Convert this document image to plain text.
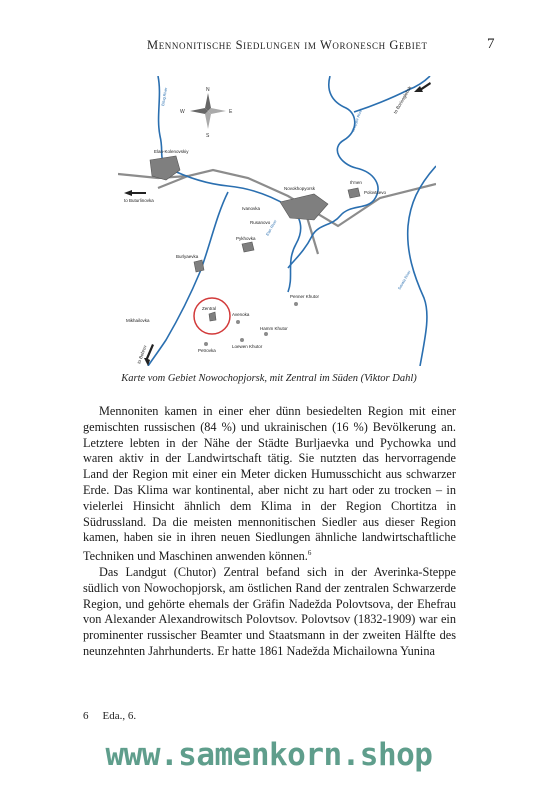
Mennonitische Siedlungen im Woronesch Gebiet	7
N
S
E
W
Elan-Kolenovskiy
to Buturlinovka
Novokhopyorsk
Il'men
Polovtsevo
Ivanovka
Rusanovo
Burlyaevka
Pykhovka
Zentral
Mikhailovka
Penner Khutor
Avenoka
Hamm Khutor
Loewen Khutor
Petrovka
to Borisoglebsk
to Bobrov
Bitug River
Khopyor River
Elan River
Savala River
Karte vom Gebiet Nowochopjorsk, mit Zentral im Süden (Viktor Dahl)

Mennoniten kamen in einer eher dünn besiedelten Region mit einer gemischten russischen (84 %) und ukrainischen (16 %) Bevölkerung an. Letztere lebten in der Nähe der Städte Burljaevka und Pychowka und waren aktiv in der Landwirtschaft tätig. Sie nutzten das hervorragende Land der Region mit einer ein Meter dicken Humusschicht aus schwarzer Erde. Das Klima war kontinental, aber nicht zu hart oder zu trocken – in vielerlei Hinsicht ähnlich dem Klima in der Region Chortitza in Südrussland. Da die meisten mennonitischen Siedler aus dieser Region kamen, haben sie in ihren neuen Siedlungen ähnliche landwirtschaftliche Techniken und Maschinen anwenden können.$^6$

Das Landgut (Chutor) Zentral befand sich in der Averinka-Steppe südlich von Nowochopjorsk, am östlichen Rand der zentralen Schwarzerde Region, und gehörte ehemals der Gräfin Nadežda Polovtsova, der Ehefrau von Alexander Alexandrowitsch Polovtsov. Polovtsov (1832-1909) war ein prominenter russischer Beamter und Staatsmann in der zweiten Hälfte des neunzehnten Jahrhunderts. Er hatte 1861 Nadežda Michailowna Yunina

6 Eda., 6.
www.samenkorn.shop
